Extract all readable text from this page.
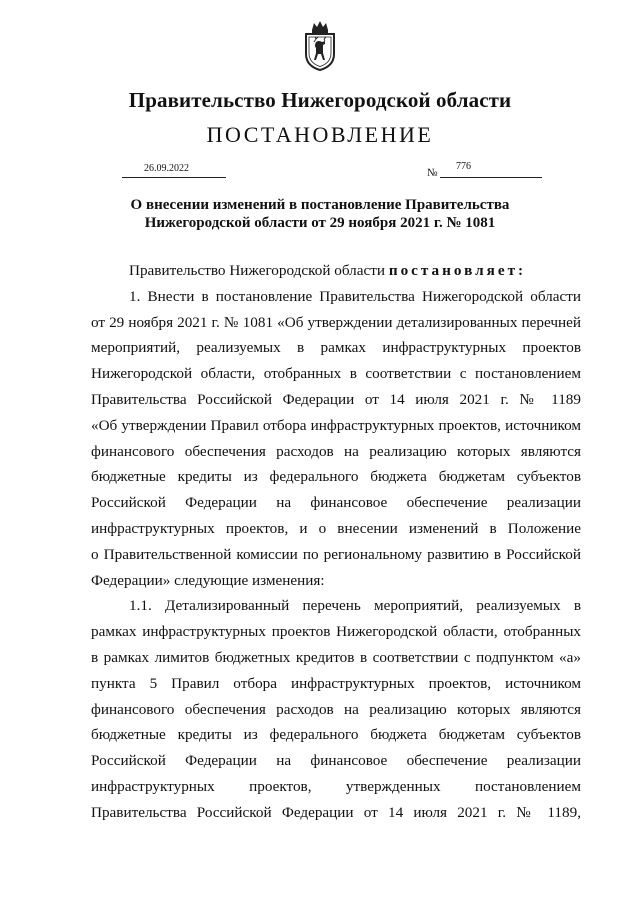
Правительство Нижегородской области
ПОСТАНОВЛЕНИЕ
26.09.2022	№
776
О внесении изменений в постановление Правительства
Нижегородской области от 29 ноября 2021 г. № 1081

Правительство Нижегородской области постановляет:

1. Внести в постановление Правительства Нижегородской области

от 29 ноября 2021 г. № 1081 «Об утверждении детализированных перечней

мероприятий, реализуемых в рамках инфраструктурных проектов

Нижегородской области, отобранных в соответствии с постановлением

Правительства Российской Федерации от 14 июля 2021 г. № 1189

«Об утверждении Правил отбора инфраструктурных проектов, источником

финансового обеспечения расходов на реализацию которых являются

бюджетные кредиты из федерального бюджета бюджетам субъектов

Российской Федерации на финансовое обеспечение реализации

инфраструктурных проектов, и о внесении изменений в Положение

о Правительственной комиссии по региональному развитию в Российской

Федерации» следующие изменения:

1.1. Детализированный перечень мероприятий, реализуемых в

рамках инфраструктурных проектов Нижегородской области, отобранных

в рамках лимитов бюджетных кредитов в соответствии с подпунктом «а»

пункта 5 Правил отбора инфраструктурных проектов, источником

финансового обеспечения расходов на реализацию которых являются

бюджетные кредиты из федерального бюджета бюджетам субъектов

Российской Федерации на финансовое обеспечение реализации

инфраструктурных проектов, утвержденных постановлением

Правительства Российской Федерации от 14 июля 2021 г. № 1189,
